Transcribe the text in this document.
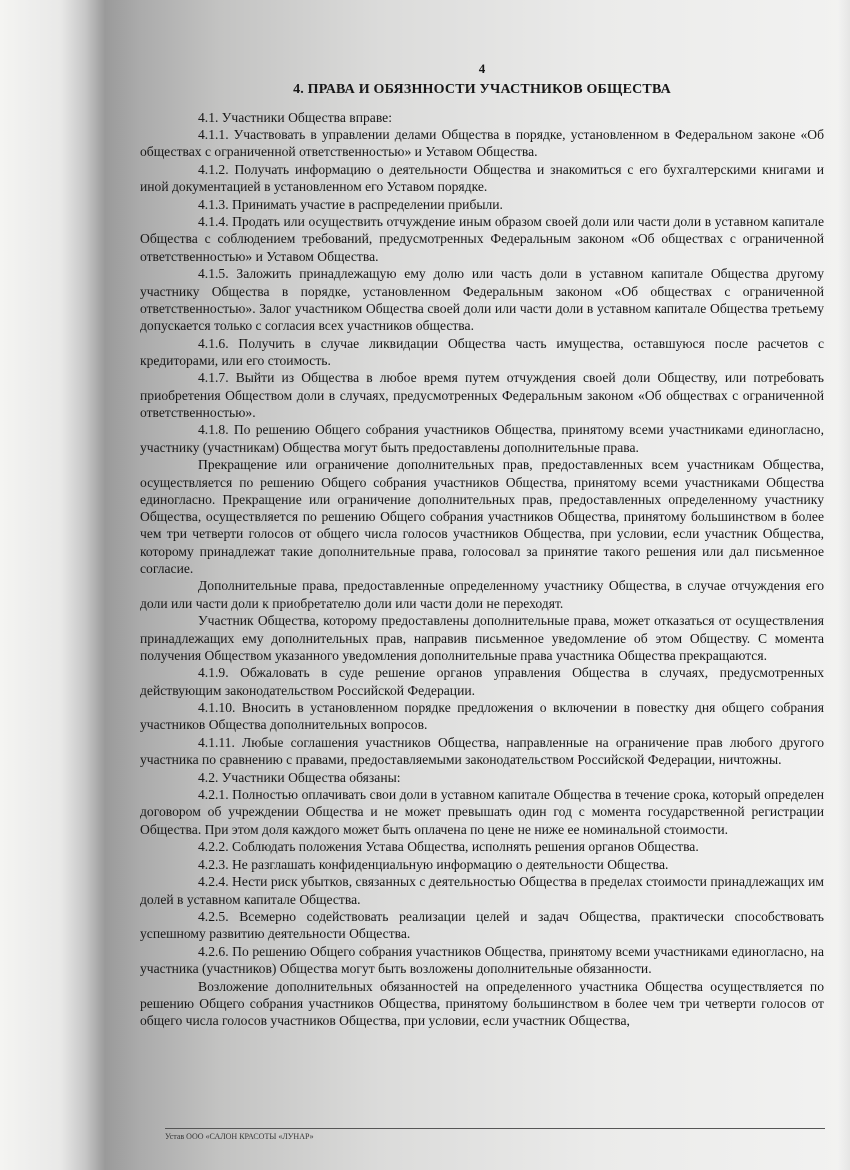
4
4. ПРАВА И ОБЯЗННОСТИ УЧАСТНИКОВ ОБЩЕСТВА
4.1. Участники Общества вправе:
4.1.1. Участвовать в управлении делами Общества в порядке, установленном в Федеральном законе «Об обществах с ограниченной ответственностью» и Уставом Общества.
4.1.2. Получать информацию о деятельности Общества и знакомиться с его бухгалтерскими книгами и иной документацией в установленном его Уставом порядке.
4.1.3. Принимать участие в распределении прибыли.
4.1.4. Продать или осуществить отчуждение иным образом своей доли или части доли в уставном капитале Общества с соблюдением требований, предусмотренных Федеральным законом «Об обществах с ограниченной ответственностью» и Уставом Общества.
4.1.5. Заложить принадлежащую ему долю или часть доли в уставном капитале Общества другому участнику Общества в порядке, установленном Федеральным законом «Об обществах с ограниченной ответственностью». Залог участником Общества своей доли или части доли в уставном капитале Общества третьему допускается только с согласия всех участников общества.
4.1.6. Получить в случае ликвидации Общества часть имущества, оставшуюся после расчетов с кредиторами, или его стоимость.
4.1.7. Выйти из Общества в любое время путем отчуждения своей доли Обществу, или потребовать приобретения Обществом доли в случаях, предусмотренных Федеральным законом «Об обществах с ограниченной ответственностью».
4.1.8. По решению Общего собрания участников Общества, принятому всеми участниками единогласно, участнику (участникам) Общества могут быть предоставлены дополнительные права.
Прекращение или ограничение дополнительных прав, предоставленных всем участникам Общества, осуществляется по решению Общего собрания участников Общества, принятому всеми участниками Общества единогласно. Прекращение или ограничение дополнительных прав, предоставленных определенному участнику Общества, осуществляется по решению Общего собрания участников Общества, принятому большинством в более чем три четверти голосов от общего числа голосов участников Общества, при условии, если участник Общества, которому принадлежат такие дополнительные права, голосовал за принятие такого решения или дал письменное согласие.
Дополнительные права, предоставленные определенному участнику Общества, в случае отчуждения его доли или части доли к приобретателю доли или части доли не переходят.
Участник Общества, которому предоставлены дополнительные права, может отказаться от осуществления принадлежащих ему дополнительных прав, направив письменное уведомление об этом Обществу. С момента получения Обществом указанного уведомления дополнительные права участника Общества прекращаются.
4.1.9. Обжаловать в суде решение органов управления Общества в случаях, предусмотренных действующим законодательством Российской Федерации.
4.1.10. Вносить в установленном порядке предложения о включении в повестку дня общего собрания участников Общества дополнительных вопросов.
4.1.11. Любые соглашения участников Общества, направленные на ограничение прав любого другого участника по сравнению с правами, предоставляемыми законодательством Российской Федерации, ничтожны.
4.2. Участники Общества обязаны:
4.2.1. Полностью оплачивать свои доли в уставном капитале Общества в течение срока, который определен договором об учреждении Общества и не может превышать один год с момента государственной регистрации Общества. При этом доля каждого может быть оплачена по цене не ниже ее номинальной стоимости.
4.2.2. Соблюдать положения Устава Общества, исполнять решения органов Общества.
4.2.3. Не разглашать конфиденциальную информацию о деятельности Общества.
4.2.4. Нести риск убытков, связанных с деятельностью Общества в пределах стоимости принадлежащих им долей в уставном капитале Общества.
4.2.5. Всемерно содействовать реализации целей и задач Общества, практически способствовать успешному развитию деятельности Общества.
4.2.6. По решению Общего собрания участников Общества, принятому всеми участниками единогласно, на участника (участников) Общества могут быть возложены дополнительные обязанности.
Возложение дополнительных обязанностей на определенного участника Общества осуществляется по решению Общего собрания участников Общества, принятому большинством в более чем три четверти голосов от общего числа голосов участников Общества, при условии, если участник Общества,
Устав ООО «САЛОН КРАСОТЫ «ЛУНАР»
